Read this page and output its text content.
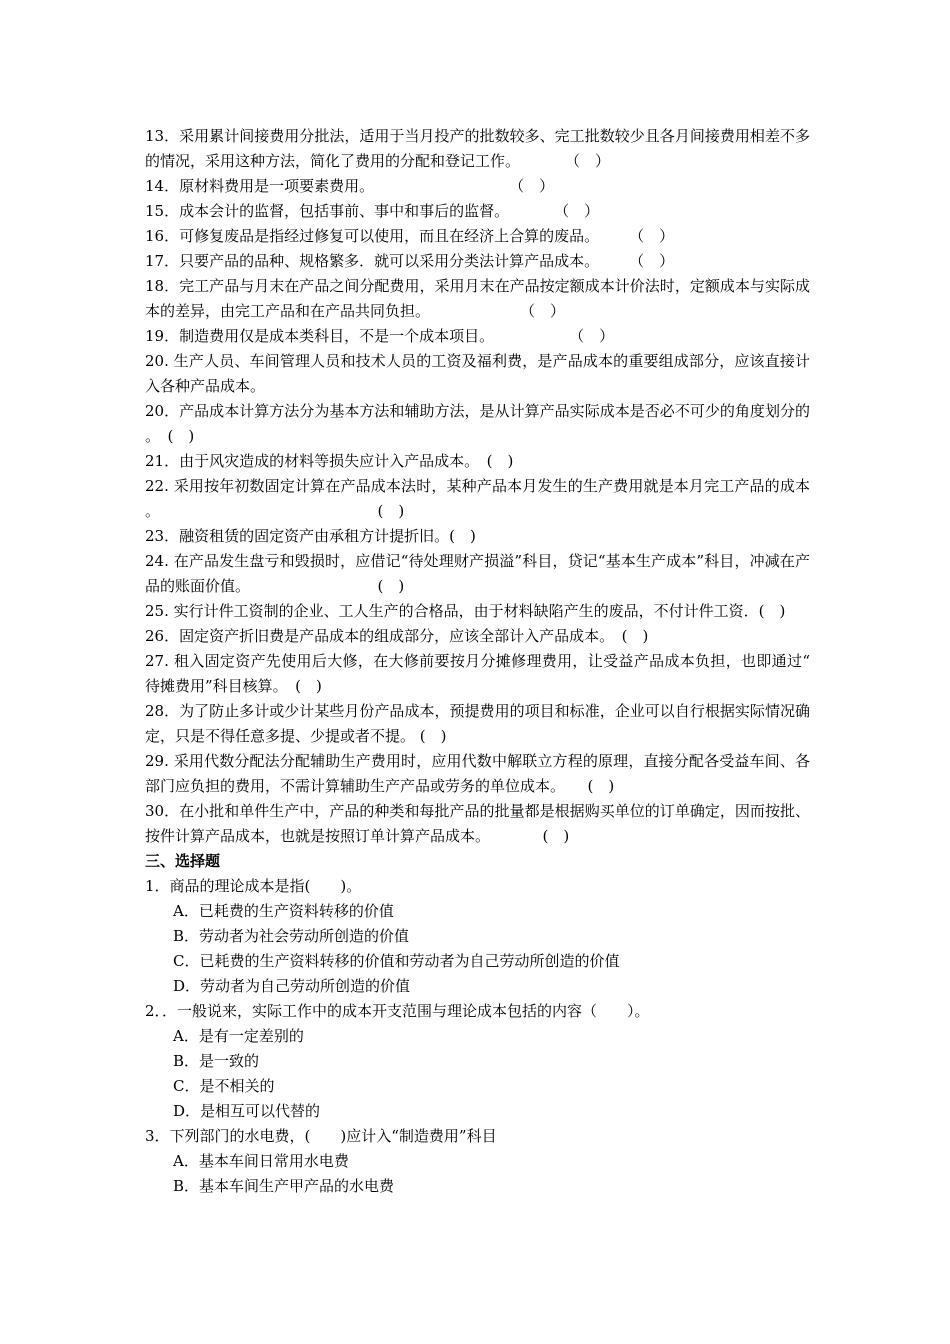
13．采用累计间接费用分批法，适用于当月投产的批数较多、完工批数较少且各月间接费用相差不多的情况，采用这种方法，简化了费用的分配和登记工作。　　　　（　）

14．原材料费用是一项要素费用。　　　　　　　　　　（　）

15．成本会计的监督，包括事前、事中和事后的监督。　　　　（　）

16．可修复废品是指经过修复可以使用，而且在经济上合算的废品。　　　（　）

17．只要产品的品种、规格繁多．就可以采用分类法计算产品成本。　　　（　）

18．完工产品与月末在产品之间分配费用，采用月末在产品按定额成本计价法时，定额成本与实际成本的差异，由完工产品和在产品共同负担。　　　　　　　（　）

19．制造费用仅是成本类科目，不是一个成本项目。　　　　　　（　）

20. 生产人员、车间管理人员和技术人员的工资及福利费，是产品成本的重要组成部分，应该直接计入各种产品成本。

20．产品成本计算方法分为基本方法和辅助方法，是从计算产品实际成本是否必不可少的角度划分的。　(　)

21．由于风灾造成的材料等损失应计入产品成本。　(　)

22. 采用按年初数固定计算在产品成本法时，某种产品本月发生的生产费用就是本月完工产品的成本。　　　　　　　　　　　　　　　(　)

23．融资租赁的固定资产由承租方计提折旧。(　)

24. 在产品发生盘亏和毁损时，应借记“待处理财产损溢”科目，贷记“基本生产成本”科目，冲减在产品的账面价值。　　　　　　　　　(　)

25. 实行计件工资制的企业、工人生产的合格品，由于材料缺陷产生的废品，不付计件工资．(　)

26．固定资产折旧费是产品成本的组成部分，应该全部计入产品成本。　(　)

27. 租入固定资产先使用后大修，在大修前要按月分摊修理费用，让受益产品成本负担，也即通过“待摊费用”科目核算。　(　)

28．为了防止多计或少计某些月份产品成本，预提费用的项目和标准，企业可以自行根据实际情况确定，只是不得任意多提、少提或者不提。 (　)

29. 采用代数分配法分配辅助生产费用时，应用代数中解联立方程的原理，直接分配各受益车间、各部门应负担的费用，不需计算辅助生产产品或劳务的单位成本。　　(　)

30．在小批和单件生产中，产品的种类和每批产品的批量都是根据购买单位的订单确定，因而按批、按件计算产品成本，也就是按照订单计算产品成本。　　　　(　)

三、选择题

1．商品的理论成本是指(　　)。

A．已耗费的生产资料转移的价值

B．劳动者为社会劳动所创造的价值

C．已耗费的生产资料转移的价值和劳动者为自己劳动所创造的价值

D．劳动者为自己劳动所创造的价值

2．．一般说来，实际工作中的成本开支范围与理论成本包括的内容（　　）。

A．是有一定差别的

B．是一致的

C．是不相关的

D．是相互可以代替的

3．下列部门的水电费，(　　)应计入“制造费用”科目

A．基本车间日常用水电费

B．基本车间生产甲产品的水电费
